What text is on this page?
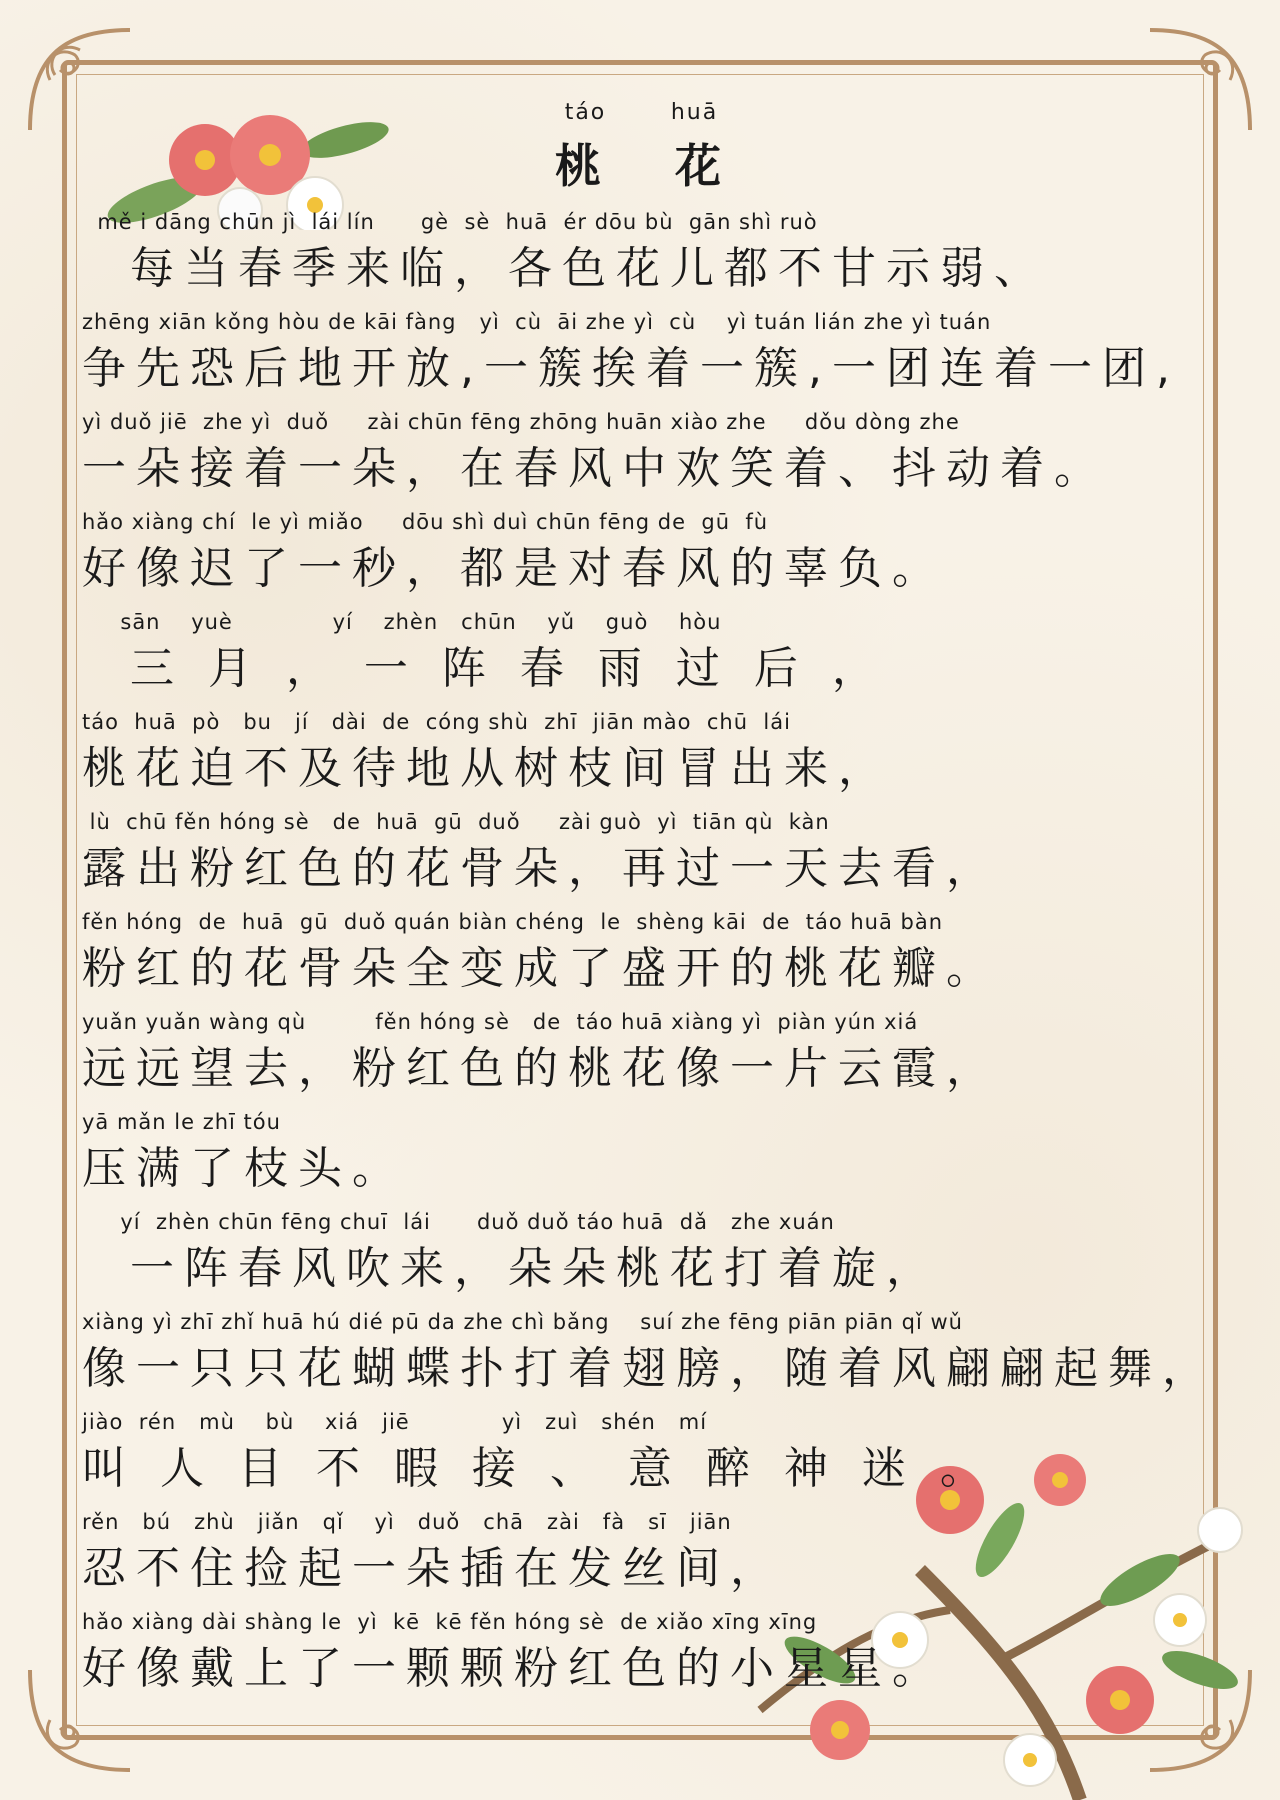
táo	huā
桃 花
mě i dāng chūn jì  lái lín      gè  sè  huā  ér dōu bù  gān shì ruò
每当春季来临，各色花儿都不甘示弱、
zhēng xiān kǒng hòu de kāi fàng   yì  cù  āi zhe yì  cù    yì tuán lián zhe yì tuán
争先恐后地开放,一簇挨着一簇,一团连着一团,
yì duǒ jiē  zhe yì  duǒ     zài chūn fēng zhōng huān xiào zhe     dǒu dòng zhe
一朵接着一朵，在春风中欢笑着、抖动着。
hǎo xiàng chí  le yì miǎo     dōu shì duì chūn fēng de  gū  fù
好像迟了一秒，都是对春风的辜负。
sān    yuè             yí    zhèn   chūn    yǔ    guò    hòu
三 月 ， 一 阵 春 雨 过 后 ，
táo  huā  pò   bu   jí   dài  de  cóng shù  zhī  jiān mào  chū  lái
桃花迫不及待地从树枝间冒出来，
lù  chū fěn hóng sè   de  huā  gū  duǒ     zài guò  yì  tiān qù  kàn
露出粉红色的花骨朵，再过一天去看，
fěn hóng  de  huā  gū  duǒ quán biàn chéng  le  shèng kāi  de  táo huā bàn
粉红的花骨朵全变成了盛开的桃花瓣。
yuǎn yuǎn wàng qù         fěn hóng sè   de  táo huā xiàng yì  piàn yún xiá
远远望去，粉红色的桃花像一片云霞，
yā mǎn le zhī tóu
压满了枝头。
yí  zhèn chūn fēng chuī  lái      duǒ duǒ táo huā  dǎ   zhe xuán
一阵春风吹来，朵朵桃花打着旋，
xiàng yì zhī zhǐ huā hú dié pū da zhe chì bǎng    suí zhe fēng piān piān qǐ wǔ
像一只只花蝴蝶扑打着翅膀，随着风翩翩起舞，
jiào  rén   mù    bù    xiá   jiē            yì   zuì   shén   mí
叫 人 目 不 暇 接 、 意 醉 神 迷 。
rěn   bú   zhù   jiǎn   qǐ    yì   duǒ   chā   zài   fà   sī   jiān
忍不住捡起一朵插在发丝间，
hǎo xiàng dài shàng le  yì  kē  kē fěn hóng sè  de xiǎo xīng xīng
好像戴上了一颗颗粉红色的小星星。
